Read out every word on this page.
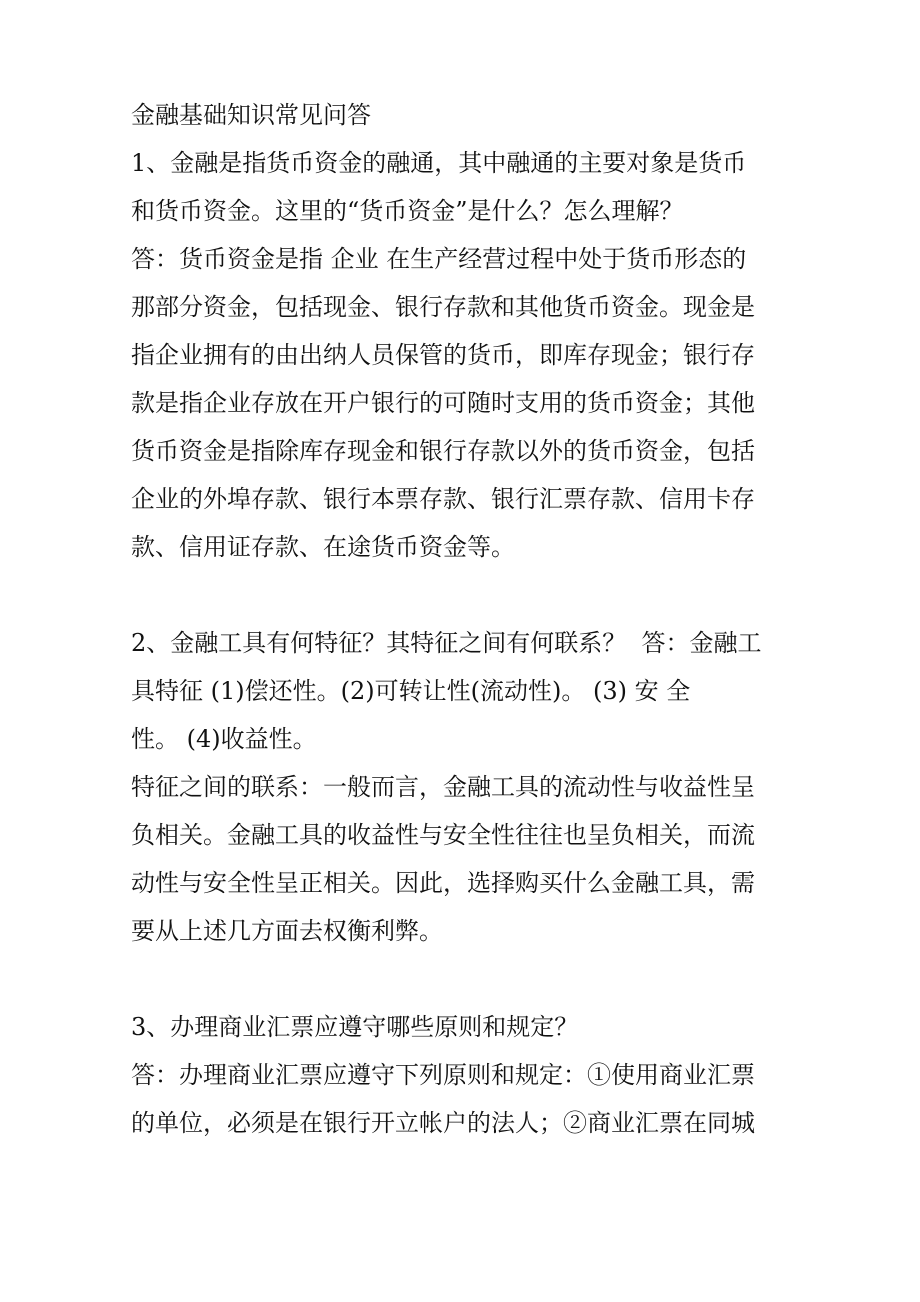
金融基础知识常见问答
1、金融是指货币资金的融通，其中融通的主要对象是货币
和货币资金。这里的“货币资金”是什么？怎么理解？
答：货币资金是指 企业 在生产经营过程中处于货币形态的
那部分资金，包括现金、银行存款和其他货币资金。现金是
指企业拥有的由出纳人员保管的货币，即库存现金；银行存
款是指企业存放在开户银行的可随时支用的货币资金；其他
货币资金是指除库存现金和银行存款以外的货币资金，包括
企业的外埠存款、银行本票存款、银行汇票存款、信用卡存
款、信用证存款、在途货币资金等。
2、金融工具有何特征？其特征之间有何联系？  答：金融工
具特征 (1)偿还性。(2)可转让性(流动性)。 (3) 安 全
性。 (4)收益性。
特征之间的联系：一般而言，金融工具的流动性与收益性呈
负相关。金融工具的收益性与安全性往往也呈负相关，而流
动性与安全性呈正相关。因此，选择购买什么金融工具，需
要从上述几方面去权衡利弊。
3、办理商业汇票应遵守哪些原则和规定？
答：办理商业汇票应遵守下列原则和规定：①使用商业汇票
的单位，必须是在银行开立帐户的法人；②商业汇票在同城
